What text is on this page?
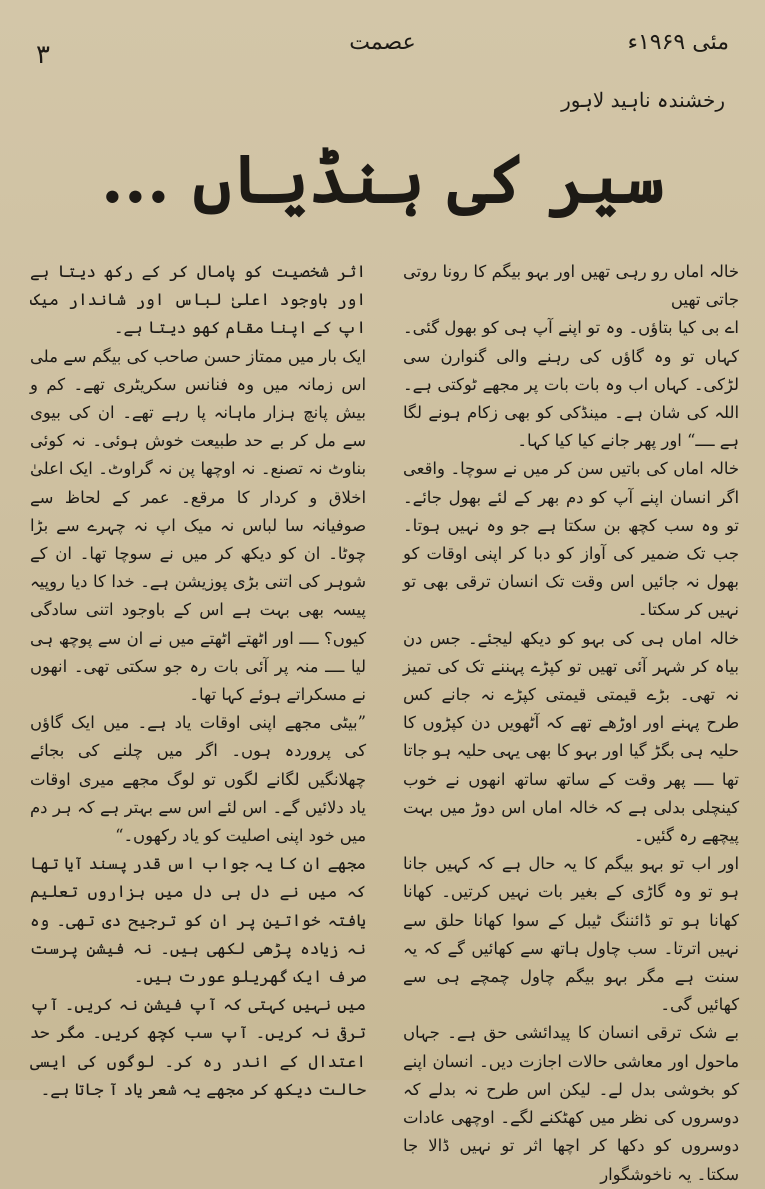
۳	عصمت	مئی ۱۹۶۹ء
رخشندہ ناہید لاہور
سیر کی ہنڈیاں ...

خالہ اماں رو رہی تھیں اور بہو بیگم کا رونا روتی جاتی تھیں

اے بی کیا بتاؤں۔ وہ تو اپنے آپ ہی کو بھول گئی۔ کہاں تو وہ گاؤں کی رہنے والی گنوارن سی لڑکی۔ کہاں اب وہ بات بات پر مجھے ٹوکتی ہے۔ اللہ کی شان ہے۔ مینڈکی کو بھی زکام ہونے لگا ہے ــــ“ اور پھر جانے کیا کیا کہا۔

خالہ اماں کی باتیں سن کر میں نے سوچا۔ واقعی اگر انسان اپنے آپ کو دم بھر کے لئے بھول جائے۔ تو وہ سب کچھ بن سکتا ہے جو وہ نہیں ہوتا۔ جب تک ضمیر کی آواز کو دبا کر اپنی اوقات کو بھول نہ جائیں اس وقت تک انسان ترقی بھی تو نہیں کر سکتا۔

خالہ اماں ہی کی بہو کو دیکھ لیجئے۔ جس دن بیاہ کر شہر آئی تھیں تو کپڑے پہننے تک کی تمیز نہ تھی۔ بڑے قیمتی قیمتی کپڑے نہ جانے کس طرح پہنے اور اوڑھے تھے کہ آٹھویں دن کپڑوں کا حلیہ ہی بگڑ گیا اور بہو کا بھی یہی حلیہ ہو جاتا تھا ــــ پھر وقت کے ساتھ ساتھ انھوں نے خوب کینچلی بدلی ہے کہ خالہ اماں اس دوڑ میں بہت پیچھے رہ گئیں۔

اور اب تو بہو بیگم کا یہ حال ہے کہ کہیں جانا ہو تو وہ گاڑی کے بغیر بات نہیں کرتیں۔ کھانا کھانا ہو تو ڈائننگ ٹیبل کے سوا کھانا حلق سے نہیں اترتا۔ سب چاول ہاتھ سے کھائیں گے کہ یہ سنت ہے مگر بہو بیگم چاول چمچے ہی سے کھائیں گی۔

بے شک ترقی انسان کا پیدائشی حق ہے۔ جہاں ماحول اور معاشی حالات اجازت دیں۔ انسان اپنے کو بخوشی بدل لے۔ لیکن اس طرح نہ بدلے کہ دوسروں کی نظر میں کھٹکنے لگے۔ اوچھی عادات دوسروں کو دکھا کر اچھا اثر تو نہیں ڈالا جا سکتا۔ یہ ناخوشگوار

اثر شخصیت کو پامال کر کے رکھ دیتا ہے اور باوجود اعلیٰ لباس اور شاندار میک اپ کے اپنا مقام کھو دیتا ہے۔

ایک بار میں ممتاز حسن صاحب کی بیگم سے ملی اس زمانہ میں وہ فنانس سکریٹری تھے۔ کم و بیش پانچ ہزار ماہانہ پا رہے تھے۔ ان کی بیوی سے مل کر بے حد طبیعت خوش ہوئی۔ نہ کوئی بناوٹ نہ تصنع۔ نہ اوچھا پن نہ گراوٹ۔ ایک اعلیٰ اخلاق و کردار کا مرقع۔ عمر کے لحاظ سے صوفیانہ سا لباس نہ میک اپ نہ چہرے سے بڑا چوٹا۔ ان کو دیکھ کر میں نے سوچا تھا۔ ان کے شوہر کی اتنی بڑی پوزیشن ہے۔ خدا کا دیا روپیہ پیسہ بھی بہت ہے اس کے باوجود اتنی سادگی کیوں؟ ــــ اور اٹھتے اٹھتے میں نے ان سے پوچھ ہی لیا ــــ منہ پر آئی بات رہ جو سکتی تھی۔ انھوں نے مسکراتے ہوئے کہا تھا۔

”بیٹی مجھے اپنی اوقات یاد ہے۔ میں ایک گاؤں کی پروردہ ہوں۔ اگر میں چلنے کی بجائے چھلانگیں لگانے لگوں تو لوگ مجھے میری اوقات یاد دلائیں گے۔ اس لئے اس سے بہتر ہے کہ ہر دم میں خود اپنی اصلیت کو یاد رکھوں۔“

مجھے ان کا یہ جواب اس قدر پسند آیا تھا کہ میں نے دل ہی دل میں ہزاروں تعلیم یافتہ خواتین پر ان کو ترجیح دی تھی۔ وہ نہ زیادہ پڑھی لکھی ہیں۔ نہ فیشن پرست صرف ایک گھریلو عورت ہیں۔

میں نہیں کہتی کہ آپ فیشن نہ کریں۔ آپ ترقی نہ کریں۔ آپ سب کچھ کریں۔ مگر حد اعتدال کے اندر رہ کر۔ لوگوں کی ایسی حالت دیکھ کر مجھے یہ شعر یاد آ جاتا ہے۔
